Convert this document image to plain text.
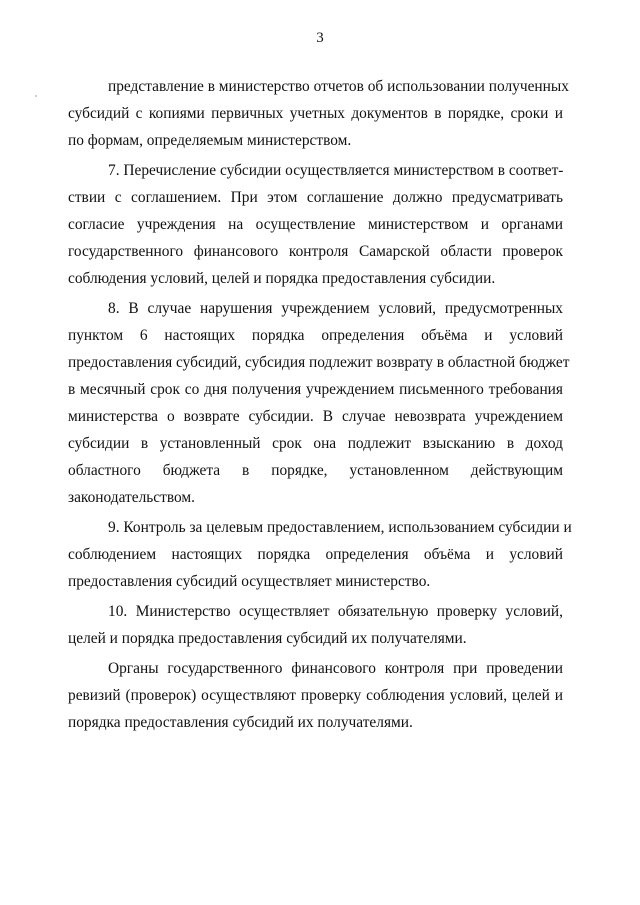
3
представление в министерство отчетов об использовании полученных
субсидий с копиями первичных учетных документов в порядке, сроки и
по формам, определяемым министерством.
7. Перечисление субсидии осуществляется министерством в соответ-
ствии с соглашением. При этом соглашение должно предусматривать
согласие учреждения на осуществление министерством и органами
государственного финансового контроля Самарской области проверок
соблюдения условий, целей и порядка предоставления субсидии.
8. В случае нарушения учреждением условий, предусмотренных
пунктом 6 настоящих порядка определения объёма и условий
предоставления субсидий, субсидия подлежит возврату в областной бюджет
в месячный срок со дня получения учреждением письменного требования
министерства о возврате субсидии. В случае невозврата учреждением
субсидии в установленный срок она подлежит взысканию в доход
областного бюджета в порядке, установленном действующим
законодательством.
9. Контроль за целевым предоставлением, использованием субсидии и
соблюдением настоящих порядка определения объёма и условий
предоставления субсидий осуществляет министерство.
10. Министерство осуществляет обязательную проверку условий,
целей и порядка предоставления субсидий их получателями.
Органы государственного финансового контроля при проведении
ревизий (проверок) осуществляют проверку соблюдения условий, целей и
порядка предоставления субсидий их получателями.
